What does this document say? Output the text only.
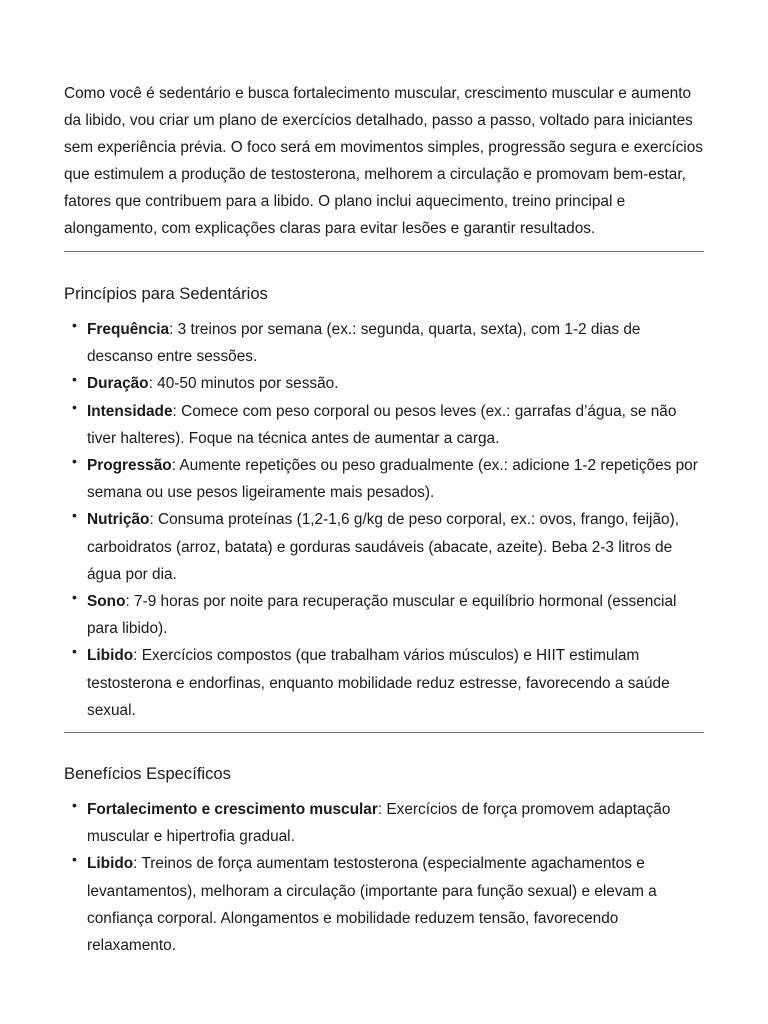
Como você é sedentário e busca fortalecimento muscular, crescimento muscular e aumento da libido, vou criar um plano de exercícios detalhado, passo a passo, voltado para iniciantes sem experiência prévia. O foco será em movimentos simples, progressão segura e exercícios que estimulem a produção de testosterona, melhorem a circulação e promovam bem-estar, fatores que contribuem para a libido. O plano inclui aquecimento, treino principal e alongamento, com explicações claras para evitar lesões e garantir resultados.

Princípios para Sedentários
• Frequência: 3 treinos por semana (ex.: segunda, quarta, sexta), com 1-2 dias de descanso entre sessões.
• Duração: 40-50 minutos por sessão.
• Intensidade: Comece com peso corporal ou pesos leves (ex.: garrafas d’água, se não tiver halteres). Foque na técnica antes de aumentar a carga.
• Progressão: Aumente repetições ou peso gradualmente (ex.: adicione 1-2 repetições por semana ou use pesos ligeiramente mais pesados).
• Nutrição: Consuma proteínas (1,2-1,6 g/kg de peso corporal, ex.: ovos, frango, feijão), carboidratos (arroz, batata) e gorduras saudáveis (abacate, azeite). Beba 2-3 litros de água por dia.
• Sono: 7-9 horas por noite para recuperação muscular e equilíbrio hormonal (essencial para libido).
• Libido: Exercícios compostos (que trabalham vários músculos) e HIIT estimulam testosterona e endorfinas, enquanto mobilidade reduz estresse, favorecendo a saúde sexual.
Benefícios Específicos
• Fortalecimento e crescimento muscular: Exercícios de força promovem adaptação muscular e hipertrofia gradual.
• Libido: Treinos de força aumentam testosterona (especialmente agachamentos e levantamentos), melhoram a circulação (importante para função sexual) e elevam a confiança corporal. Alongamentos e mobilidade reduzem tensão, favorecendo relaxamento.
